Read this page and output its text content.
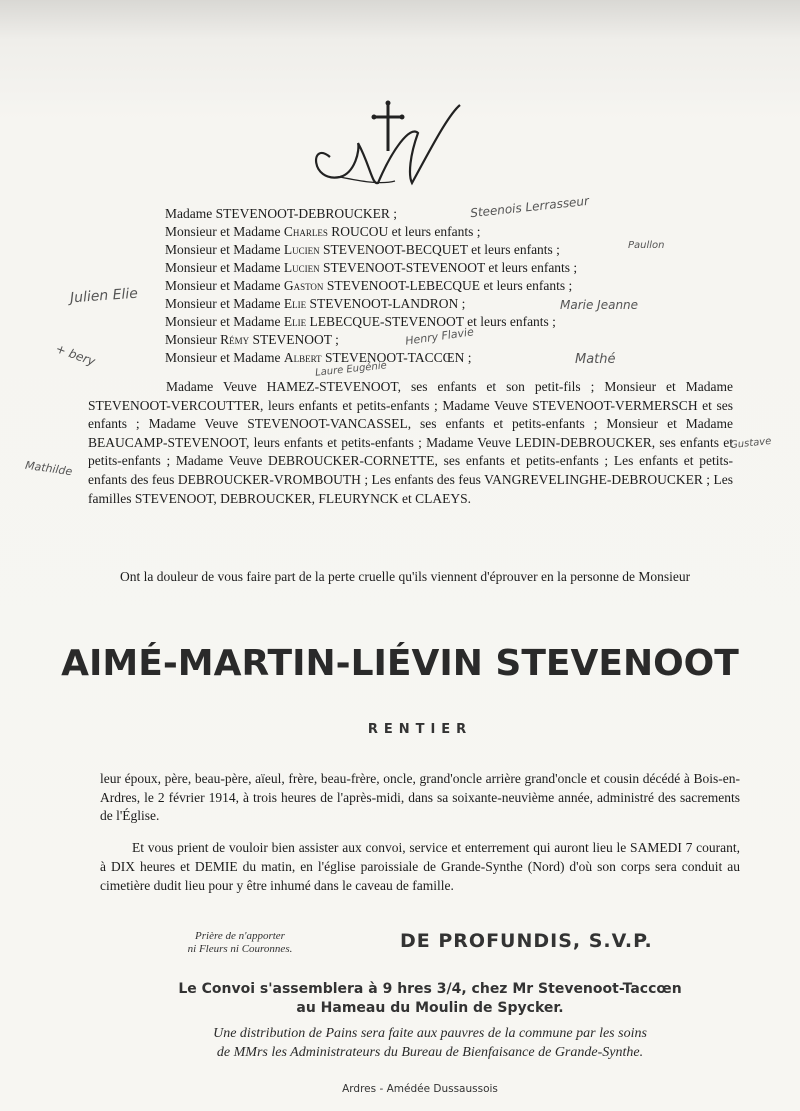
Madame STEVENOOT-DEBROUCKER ;
Monsieur et Madame Charles ROUCOU et leurs enfants ;
Monsieur et Madame Lucien STEVENOOT-BECQUET et leurs enfants ;
Monsieur et Madame Lucien STEVENOOT-STEVENOOT et leurs enfants ;
Monsieur et Madame Gaston STEVENOOT-LEBECQUE et leurs enfants ;
Monsieur et Madame Elie STEVENOOT-LANDRON ;
Monsieur et Madame Elie LEBECQUE-STEVENOOT et leurs enfants ;
Monsieur Rémy STEVENOOT ;
Monsieur et Madame Albert STEVENOOT-TACCŒN ;
Madame Veuve HAMEZ-STEVENOOT, ses enfants et son petit-fils ; Monsieur et Madame STEVENOOT-VERCOUTTER, leurs enfants et petits-enfants ; Madame Veuve STEVENOOT-VERMERSCH et ses enfants ; Madame Veuve STEVENOOT-VANCASSEL, ses enfants et petits-enfants ; Monsieur et Madame BEAUCAMP-STEVENOOT, leurs enfants et petits-enfants ; Madame Veuve LEDIN-DEBROUCKER, ses enfants et petits-enfants ; Madame Veuve DEBROUCKER-CORNETTE, ses enfants et petits-enfants ; Les enfants et petits-enfants des feus DEBROUCKER-VROMBOUTH ; Les enfants des feus VANGREVELINGHE-DEBROUCKER ; Les familles STEVENOOT, DEBROUCKER, FLEURYNCK et CLAEYS.
Ont la douleur de vous faire part de la perte cruelle qu'ils viennent d'éprouver en la personne de Monsieur
AIMÉ-MARTIN-LIÉVIN STEVENOOT
RENTIER
leur époux, père, beau-père, aïeul, frère, beau-frère, oncle, grand'oncle arrière grand'oncle et cousin décédé à Bois-en-Ardres, le 2 février 1914, à trois heures de l'après-midi, dans sa soixante-neuvième année, administré des sacrements de l'Église.
Et vous prient de vouloir bien assister aux convoi, service et enterrement qui auront lieu le SAMEDI 7 courant, à DIX heures et DEMIE du matin, en l'église paroissiale de Grande-Synthe (Nord) d'où son corps sera conduit au cimetière dudit lieu pour y être inhumé dans le caveau de famille.
Prière de n'apporter
ni Fleurs ni Couronnes.	DE PROFUNDIS, S.V.P.
Le Convoi s'assemblera à 9 hres 3/4, chez Mr Stevenoot-Taccœn
au Hameau du Moulin de Spycker.
Une distribution de Pains sera faite aux pauvres de la commune par les soins
de MMrs les Administrateurs du Bureau de Bienfaisance de Grande-Synthe.
Ardres - Amédée Dussaussois
Steenois Lerrasseur
Paullon
Julien Elie	Marie Jeanne
Henry Flavie
+ bery	Mathé
Laure Eugénie
Gustave
Mathilde
